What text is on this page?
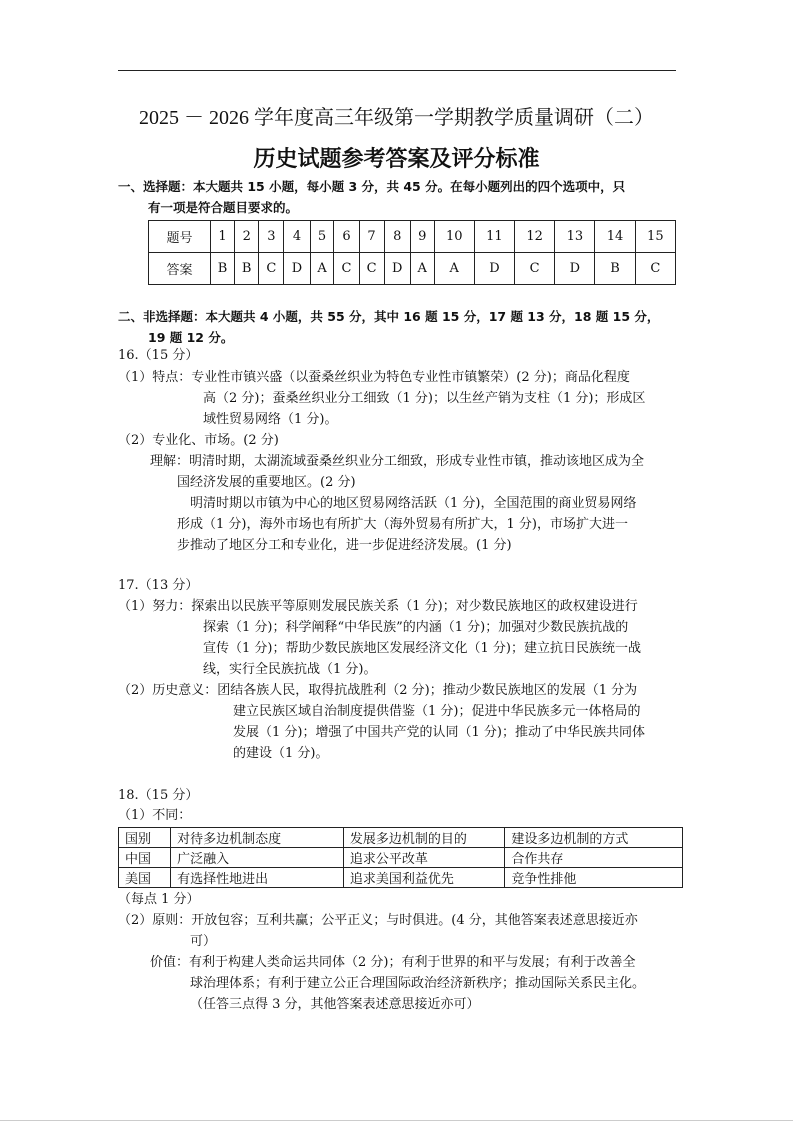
2025 － 2026 学年度高三年级第一学期教学质量调研（二）
历史试题参考答案及评分标准
一、选择题：本大题共 15 小题，每小题 3 分，共 45 分。在每小题列出的四个选项中，只
有一项是符合题目要求的。
题号	1	2	3	4	5	6	7	8	9	10	11	12	13	14	15
答案	B	B	C	D	A	C	C	D	A	A	D	C	D	B	C
二、非选择题：本大题共 4 小题，共 55 分，其中 16 题 15 分，17 题 13 分，18 题 15 分，
19 题 12 分。
16.（15 分）
（1）特点：专业性市镇兴盛（以蚕桑丝织业为特色专业性市镇繁荣）(2 分)；商品化程度
高（2 分)；蚕桑丝织业分工细致（1 分)；以生丝产销为支柱（1 分)；形成区
域性贸易网络（1 分)。
（2）专业化、市场。(2 分)
理解：明清时期，太湖流域蚕桑丝织业分工细致，形成专业性市镇，推动该地区成为全
国经济发展的重要地区。(2 分)
明清时期以市镇为中心的地区贸易网络活跃（1 分)，全国范围的商业贸易网络
形成（1 分)，海外市场也有所扩大（海外贸易有所扩大，1 分)，市场扩大进一
步推动了地区分工和专业化，进一步促进经济发展。(1 分)
17.（13 分）
（1）努力：探索出以民族平等原则发展民族关系（1 分)；对少数民族地区的政权建设进行
探索（1 分)；科学阐释“中华民族”的内涵（1 分)；加强对少数民族抗战的
宣传（1 分)；帮助少数民族地区发展经济文化（1 分)；建立抗日民族统一战
线，实行全民族抗战（1 分)。
（2）历史意义：团结各族人民，取得抗战胜利（2 分)；推动少数民族地区的发展（1 分为
建立民族区域自治制度提供借鉴（1 分)；促进中华民族多元一体格局的
发展（1 分)；增强了中国共产党的认同（1 分)；推动了中华民族共同体
的建设（1 分)。
18.（15 分）
（1）不同：
国别	对待多边机制态度	发展多边机制的目的	建设多边机制的方式
中国	广泛融入	追求公平改革	合作共存
美国	有选择性地进出	追求美国利益优先	竞争性排他
（每点 1 分）
（2）原则：开放包容；互利共赢；公平正义；与时俱进。(4 分，其他答案表述意思接近亦
可）
价值：有利于构建人类命运共同体（2 分)；有利于世界的和平与发展；有利于改善全
球治理体系；有利于建立公正合理国际政治经济新秩序；推动国际关系民主化。
（任答三点得 3 分，其他答案表述意思接近亦可）
